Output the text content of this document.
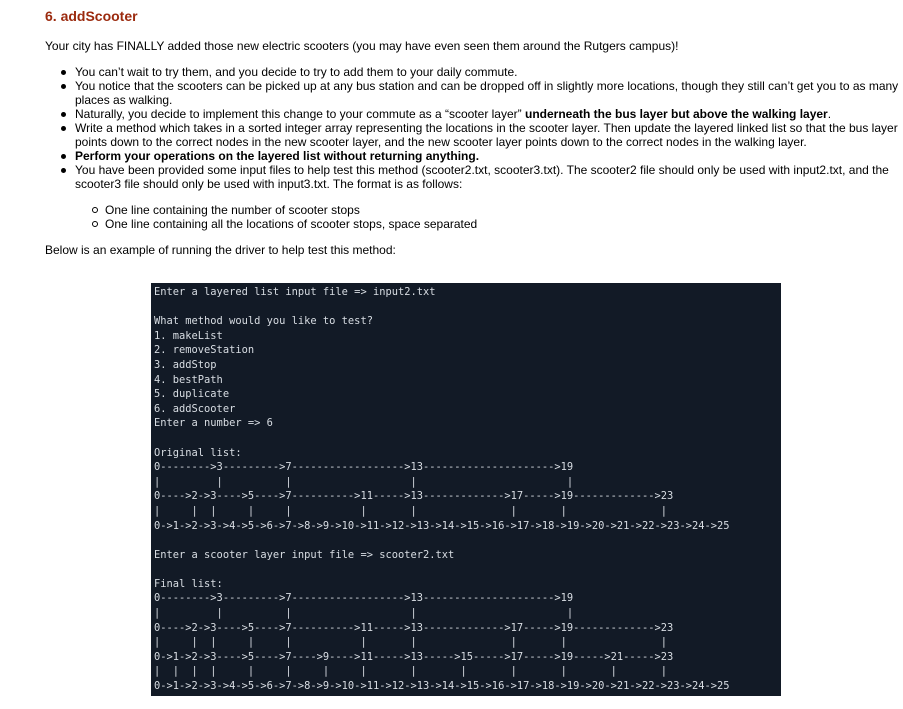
6. addScooter
Your city has FINALLY added those new electric scooters (you may have even seen them around the Rutgers campus)!
You can’t wait to try them, and you decide to try to add them to your daily commute.
You notice that the scooters can be picked up at any bus station and can be dropped off in slightly more locations, though they still can’t get you to as many places as walking.
Naturally, you decide to implement this change to your commute as a “scooter layer” underneath the bus layer but above the walking layer.
Write a method which takes in a sorted integer array representing the locations in the scooter layer. Then update the layered linked list so that the bus layer points down to the correct nodes in the new scooter layer, and the new scooter layer points down to the correct nodes in the walking layer.
Perform your operations on the layered list without returning anything.
You have been provided some input files to help test this method (scooter2.txt, scooter3.txt). The scooter2 file should only be used with input2.txt, and the scooter3 file should only be used with input3.txt. The format is as follows:
One line containing the number of scooter stops
One line containing all the locations of scooter stops, space separated
Below is an example of running the driver to help test this method:
Enter a layered list input file => input2.txt

What method would you like to test?
1. makeList
2. removeStation
3. addStop
4. bestPath
5. duplicate
6. addScooter
Enter a number => 6

Original list:
0-------->3--------->7------------------>13--------------------->19
|         |          |                   |                        |
0---->2->3---->5---->7---------->11----->13------------->17----->19------------->23
|     |  |     |     |           |       |               |       |               |
0->1->2->3->4->5->6->7->8->9->10->11->12->13->14->15->16->17->18->19->20->21->22->23->24->25

Enter a scooter layer input file => scooter2.txt

Final list:
0-------->3--------->7------------------>13--------------------->19
|         |          |                   |                        |
0---->2->3---->5---->7---------->11----->13------------->17----->19------------->23
|     |  |     |     |           |       |               |       |               |
0->1->2->3---->5---->7---->9---->11----->13----->15----->17----->19----->21----->23
|  |  |  |     |     |     |     |       |       |       |       |       |       |
0->1->2->3->4->5->6->7->8->9->10->11->12->13->14->15->16->17->18->19->20->21->22->23->24->25
